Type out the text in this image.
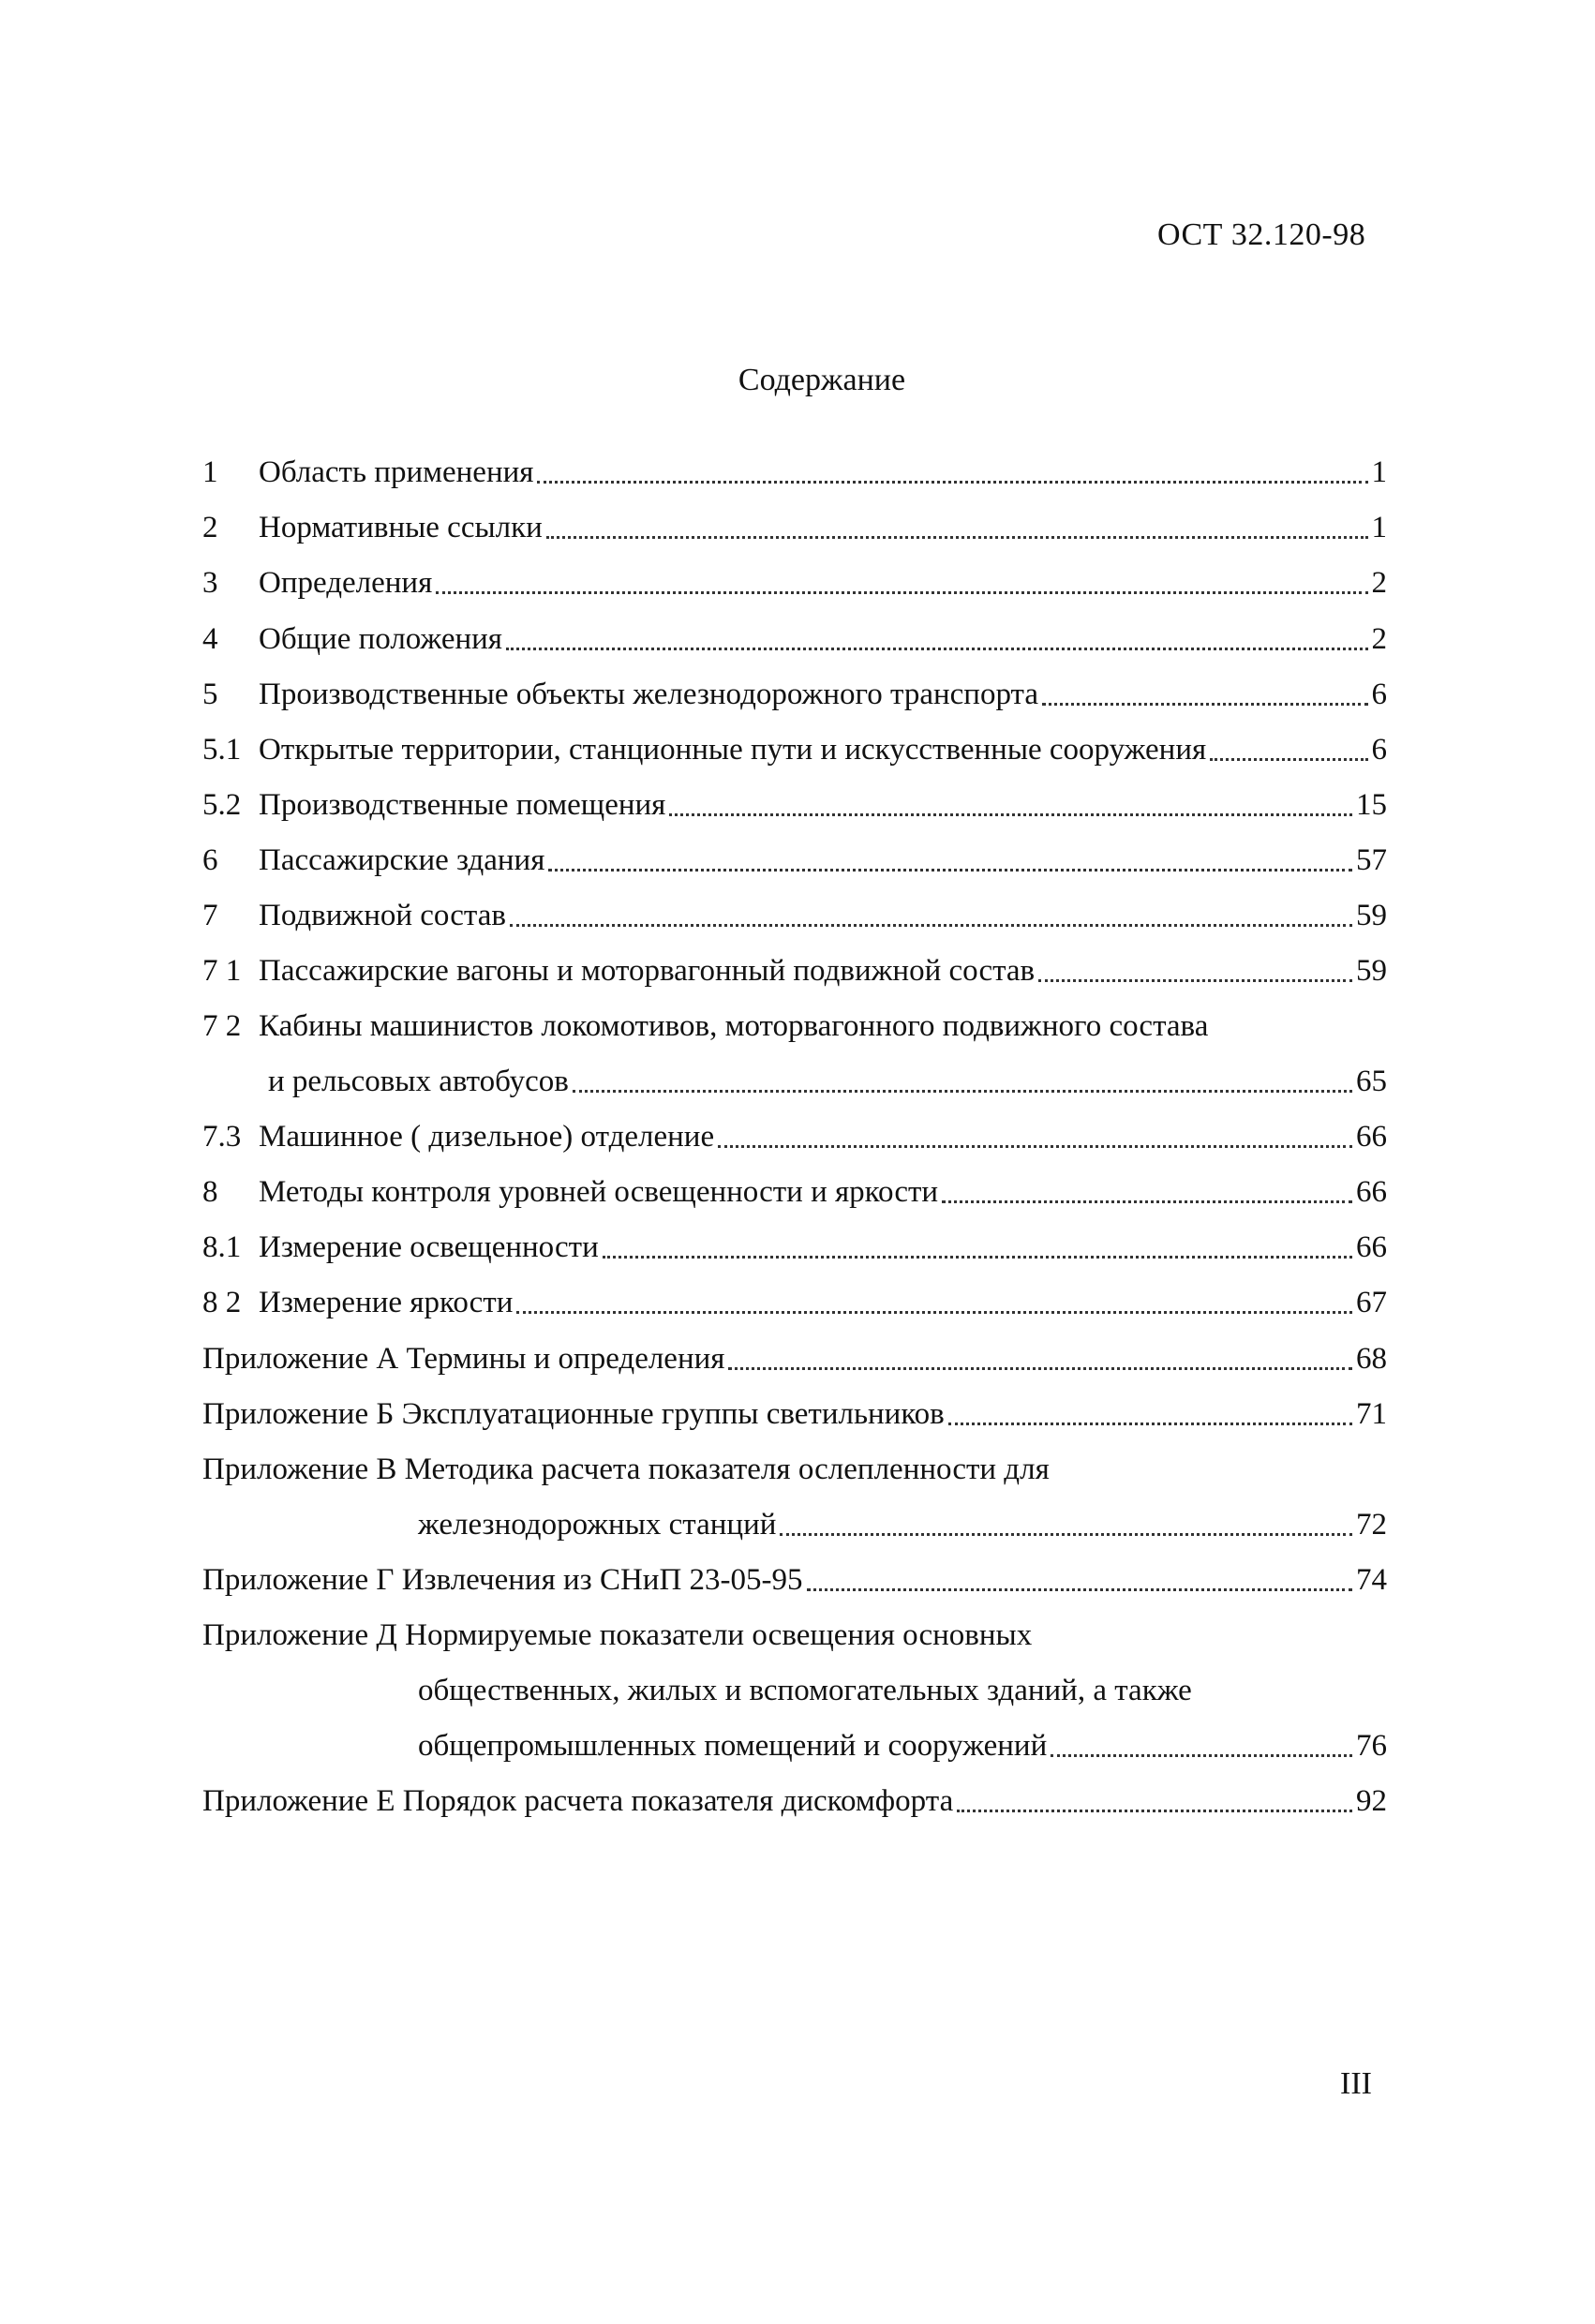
ОСТ 32.120-98
Содержание
1 Область применения	1
2 Нормативные ссылки	1
3 Определения	2
4 Общие положения	2
5 Производственные объекты железнодорожного транспорта	6
5.1 Открытые территории, станционные пути и искусственные сооружения	6
5.2 Производственные помещения	15
6 Пассажирские здания	57
7 Подвижной состав	59
7 1 Пассажирские вагоны и моторвагонный подвижной состав	59
7 2 Кабины машинистов локомотивов, моторвагонного подвижного состава
и рельсовых автобусов	65
7.3 Машинное ( дизельное) отделение	66
8 Методы контроля уровней освещенности и яркости	66
8.1 Измерение освещенности	66
8 2 Измерение яркости	67
Приложение А Термины и определения	68
Приложение Б Эксплуатационные группы светильников	71
Приложение В Методика расчета показателя ослепленности для
железнодорожных станций	72
Приложение Г Извлечения из СНиП 23-05-95	74
Приложение Д Нормируемые показатели освещения основных
общественных, жилых и вспомогательных зданий, а также
общепромышленных помещений и сооружений	76
Приложение Е Порядок расчета показателя дискомфорта	92
III
